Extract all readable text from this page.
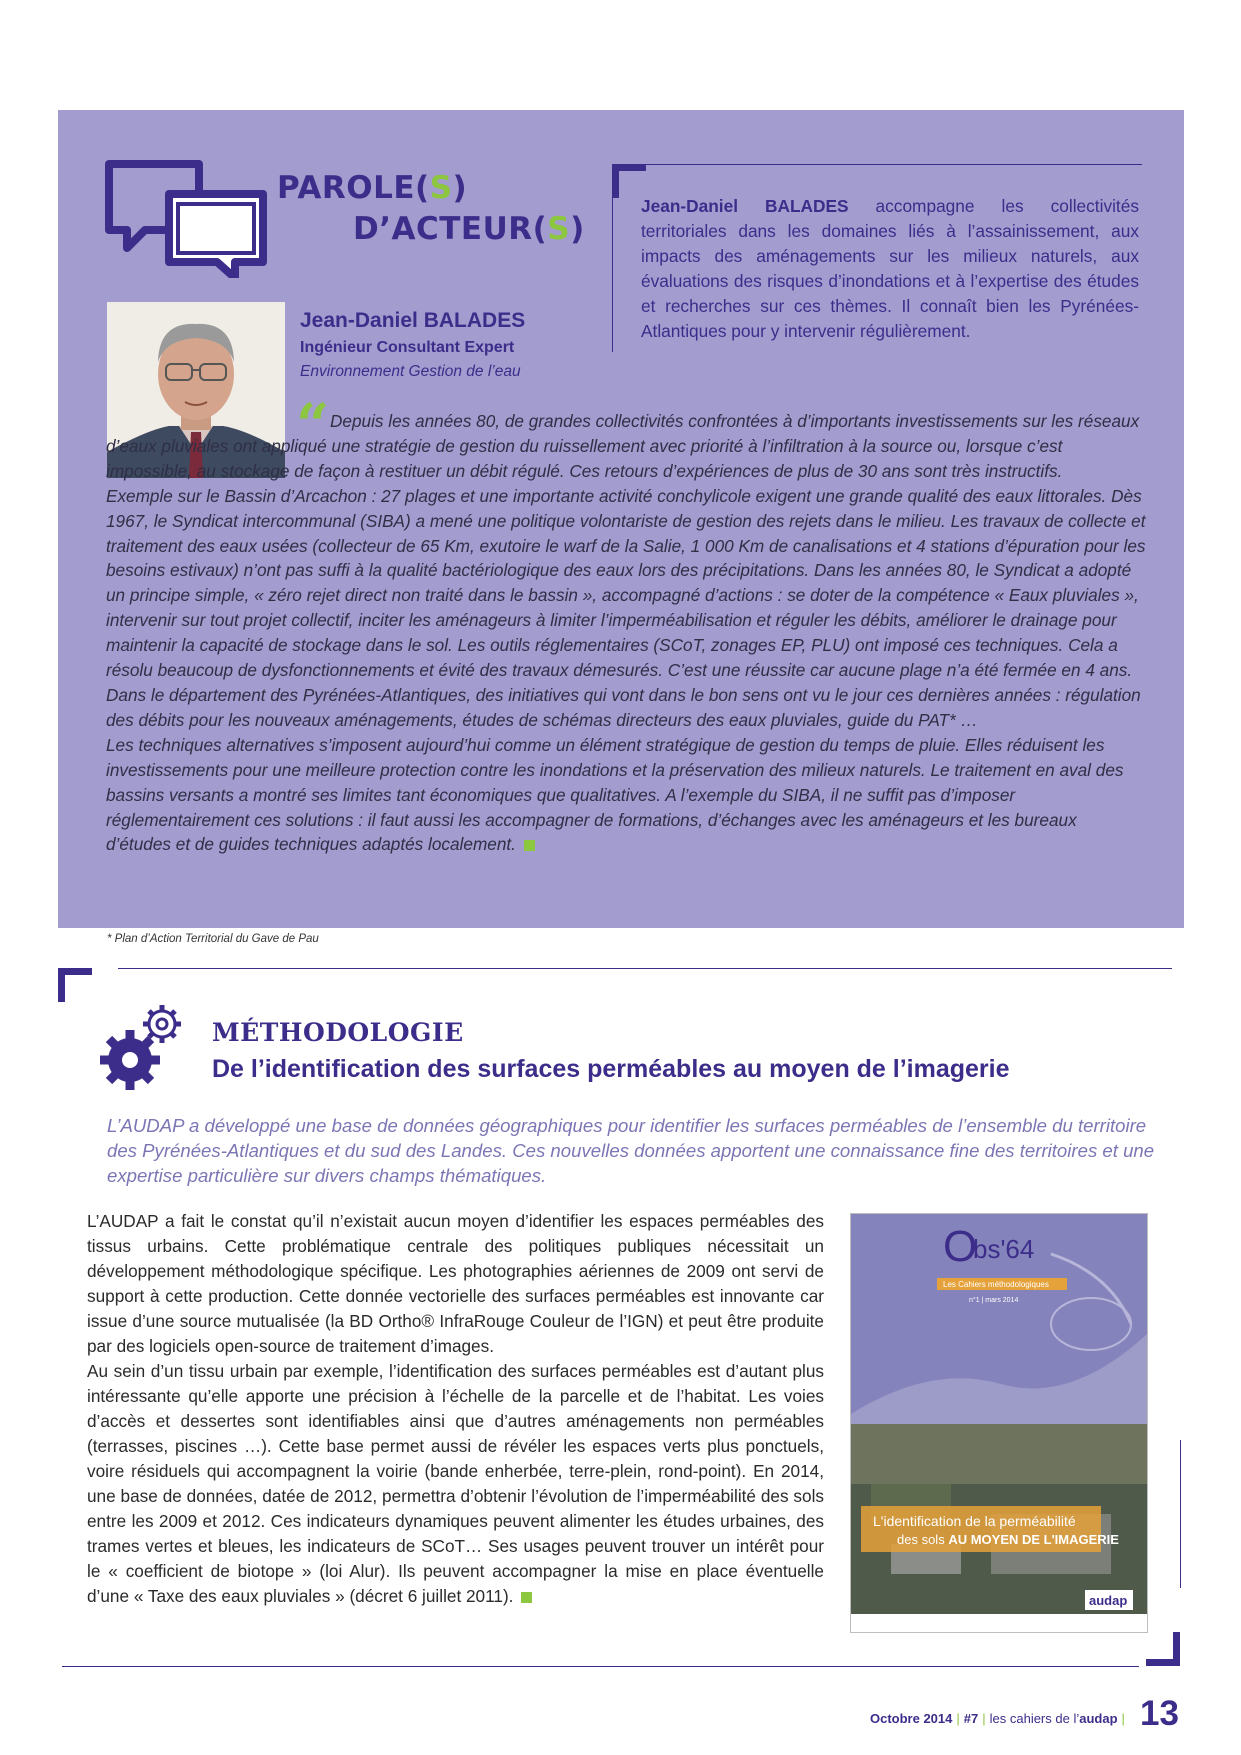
PAROLE(S)
D’ACTEUR(S)
Jean-Daniel BALADES accompagne les collectivités territoriales dans les domaines liés à l’assainissement, aux impacts des aménagements sur les milieux naturels, aux évaluations des risques d’inondations et à l’expertise des études et recherches sur ces thèmes. Il connaît bien les Pyrénées-Atlantiques pour y intervenir régulièrement.
Jean-Daniel BALADES
Ingénieur Consultant Expert
Environnement Gestion de l’eau
“ Depuis les années 80, de grandes collectivités confrontées à d’importants investissements sur les réseaux d’eaux pluviales ont appliqué une stratégie de gestion du ruissellement avec priorité à l’infiltration à la source ou, lorsque c’est impossible, au stockage de façon à restituer un débit régulé. Ces retours d’expériences de plus de 30 ans sont très instructifs.

Exemple sur le Bassin d’Arcachon : 27 plages et une importante activité conchylicole exigent une grande qualité des eaux littorales. Dès 1967, le Syndicat intercommunal (SIBA) a mené une politique volontariste de gestion des rejets dans le milieu. Les travaux de collecte et traitement des eaux usées (collecteur de 65 Km, exutoire le warf de la Salie, 1 000 Km de canalisations et 4 stations d’épuration pour les besoins estivaux) n’ont pas suffi à la qualité bactériologique des eaux lors des précipitations. Dans les années 80, le Syndicat a adopté un principe simple, « zéro rejet direct non traité dans le bassin », accompagné d’actions : se doter de la compétence « Eaux pluviales », intervenir sur tout projet collectif, inciter les aménageurs à limiter l’imperméabilisation et réguler les débits, améliorer le drainage pour maintenir la capacité de stockage dans le sol. Les outils réglementaires (SCoT, zonages EP, PLU) ont imposé ces techniques. Cela a résolu beaucoup de dysfonctionnements et évité des travaux démesurés. C’est une réussite car aucune plage n’a été fermée en 4 ans.

Dans le département des Pyrénées-Atlantiques, des initiatives qui vont dans le bon sens ont vu le jour ces dernières années : régulation des débits pour les nouveaux aménagements, études de schémas directeurs des eaux pluviales, guide du PAT* …

Les techniques alternatives s’imposent aujourd’hui comme un élément stratégique de gestion du temps de pluie. Elles réduisent les investissements pour une meilleure protection contre les inondations et la préservation des milieux naturels. Le traitement en aval des bassins versants a montré ses limites tant économiques que qualitatives. A l’exemple du SIBA, il ne suffit pas d’imposer réglementairement ces solutions : il faut aussi les accompagner de formations, d’échanges avec les aménageurs et les bureaux d’études et de guides techniques adaptés localement.

* Plan d’Action Territorial du Gave de Pau
MÉTHODOLOGIE
De l’identification des surfaces perméables au moyen de l’imagerie
L’AUDAP a développé une base de données géographiques pour identifier les surfaces perméables de l’ensemble du territoire des Pyrénées-Atlantiques et du sud des Landes. Ces nouvelles données apportent une connaissance fine des territoires et une expertise particulière sur divers champs thématiques.

L’AUDAP a fait le constat qu’il n’existait aucun moyen d’identifier les espaces perméables des tissus urbains. Cette problématique centrale des politiques publiques nécessitait un développement méthodologique spécifique. Les photographies aériennes de 2009 ont servi de support à cette production. Cette donnée vectorielle des surfaces perméables est innovante car issue d’une source mutualisée (la BD Ortho® InfraRouge Couleur de l’IGN) et peut être produite par des logiciels open-source de traitement d’images.

Au sein d’un tissu urbain par exemple, l’identification des surfaces perméables est d’autant plus intéressante qu’elle apporte une précision à l’échelle de la parcelle et de l’habitat. Les voies d’accès et dessertes sont identifiables ainsi que d’autres aménagements non perméables (terrasses, piscines …). Cette base permet aussi de révéler les espaces verts plus ponctuels, voire résiduels qui accompagnent la voirie (bande enherbée, terre-plein, rond-point). En 2014, une base de données, datée de 2012, permettra d’obtenir l’évolution de l’imperméabilité des sols entre les 2009 et 2012. Ces indicateurs dynamiques peuvent alimenter les études urbaines, des trames vertes et bleues, les indicateurs de SCoT… Ses usages peuvent trouver un intérêt pour le « coefficient de biotope » (loi Alur). Ils peuvent accompagner la mise en place éventuelle d’une « Taxe des eaux pluviales » (décret 6 juillet 2011).

O
bs'64
Les Cahiers méthodologiques
n°1 | mars 2014
L'identification de la perméabilité
des sols AU MOYEN DE L'IMAGERIE
audap
Octobre 2014 | #7 | les cahiers de l’audap | 13
